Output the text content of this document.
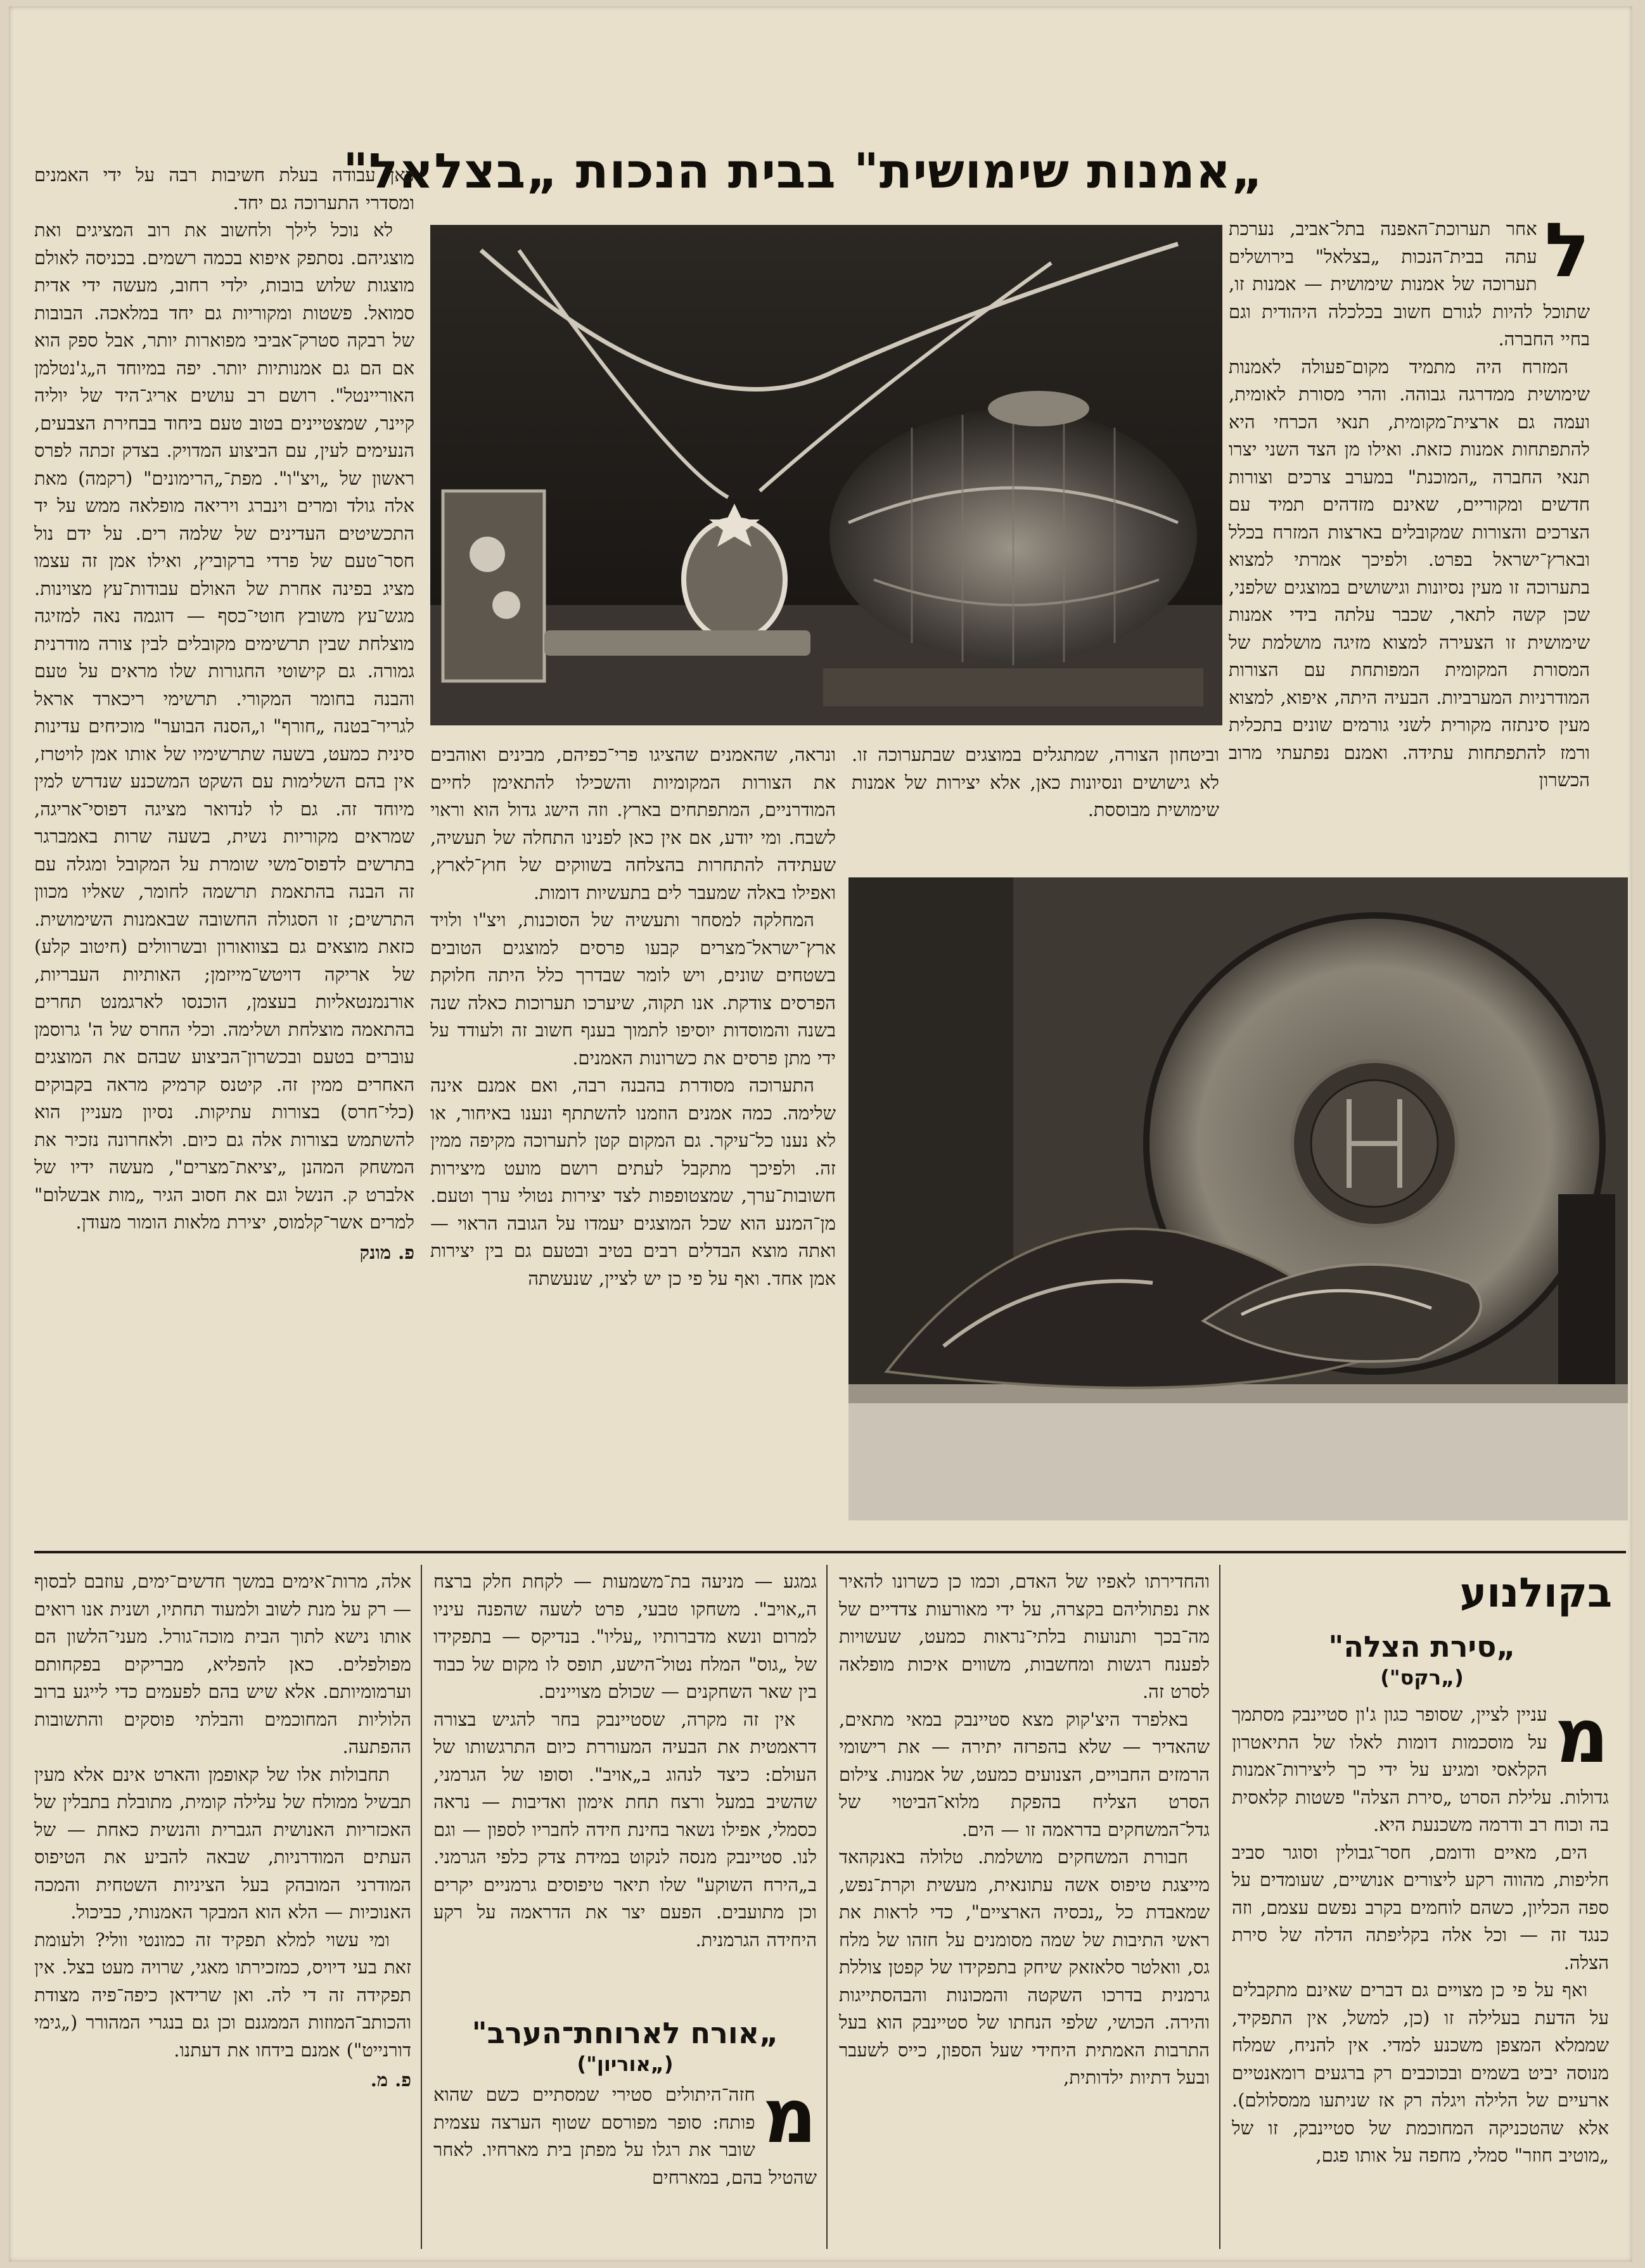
„אמנות שימושית" בבית הנכות „בצלאל"
ל

אחר תערוכת־האפנה בתל־אביב, נערכת עתה בבית־הנכות „בצלאל" בירושלים תערוכה של אמנות שימושית — אמנות זו, שתוכל להיות לגורם חשוב בכלכלה היהודית וגם בחיי החברה.

המזרח היה מתמיד מקום־פעולה לאמנות שימושית ממדרגה גבוהה. והרי מסורת לאומית, ועמה גם ארצית־מקומית, תנאי הכרחי היא להתפתחות אמנות כזאת. ואילו מן הצד השני יצרו תנאי החברה „המוכנת" במערב צרכים וצורות חדשים ומקוריים, שאינם מזדהים תמיד עם הצרכים והצורות שמקובלים בארצות המזרח בכלל ובארץ־ישראל בפרט. ולפיכך אמרתי למצוא בתערוכה זו מעין נסיונות וגישושים במוצגים שלפני, שכן קשה לתאר, שכבר עלתה בידי אמנות שימושית זו הצעירה למצוא מזיגה מושלמת של המסורת המקומית המפותחת עם הצורות המודרניות המערביות. הבעיה היתה, איפוא, למצוא מעין סינתזה מקורית לשני גורמים שונים בתכלית ורמז להתפתחות עתידה. ואמנם נפתעתי מרוב הכשרון

וביטחון הצורה, שמתגלים במוצגים שבתערוכה זו. לא גישושים ונסיונות כאן, אלא יצירות של אמנות שימושית מבוססת.

ונראה, שהאמנים שהציגו פרי־כפיהם, מבינים ואוהבים את הצורות המקומיות והשכילו להתאימן לחיים המודרניים, המתפתחים בארץ. וזה הישג גדול הוא וראוי לשבח. ומי יודע, אם אין כאן לפנינו התחלה של תעשיה, שעתידה להתחרות בהצלחה בשווקים של חוץ־לארץ, ואפילו באלה שמעבר לים בתעשיות דומות.

המחלקה למסחר ותעשיה של הסוכנות, ויצ"ו ולויד ארץ־ישראל־מצרים קבעו פרסים למוצגים הטובים בשטחים שונים, ויש לומר שבדרך כלל היתה חלוקת הפרסים צודקת. אנו תקוה, שיערכו תערוכות כאלה שנה בשנה והמוסדות יוסיפו לתמוך בענף חשוב זה ולעודד על ידי מתן פרסים את כשרונות האמנים.

התערוכה מסודרת בהבנה רבה, ואם אמנם אינה שלימה. כמה אמנים הוזמנו להשתתף ונענו באיחור, או לא נענו כל־עיקר. גם המקום קטן לתערוכה מקיפה ממין זה. ולפיכך מתקבל לעתים רושם מועט מיצירות חשובות־ערך, שמצטופפות לצד יצירות נטולי ערך וטעם. מן־המנע הוא שכל המוצגים יעמדו על הגובה הראוי — ואתה מוצא הבדלים רבים בטיב ובטעם גם בין יצירות אמן אחד. ואף על פי כן יש לציין, שנעשתה

כאן עבודה בעלת חשיבות רבה על ידי האמנים ומסדרי התערוכה גם יחד.

לא נוכל לילך ולחשוב את רוב המציגים ואת מוצגיהם. נסתפק איפוא בכמה רשמים. בכניסה לאולם מוצגות שלוש בובות, ילדי רחוב, מעשה ידי אדית סמואל. פשטות ומקוריות גם יחד במלאכה. הבובות של רבקה סטרק־אביבי מפוארות יותר, אבל ספק הוא אם הם גם אמנותיות יותר. יפה במיוחד ה„ג'נטלמן האוריינטל". רושם רב עושים אריג־היד של יוליה קיינר, שמצטיינים בטוב טעם ביחוד בבחירת הצבעים, הנעימים לעין, עם הביצוע המדויק. בצדק זכתה לפרס ראשון של „ויצ"ו". מפת־„הרימונים" (רקמה) מאת אלה גולד ומרים וינברג ויריאה מופלאה ממש על יד התכשיטים העדינים של שלמה רים. על ידם נול חסר־טעם של פרדי ברקוביץ, ואילו אמן זה עצמו מציג בפינה אחרת של האולם עבודות־עץ מצוינות. מגש־עץ משובץ חוטי־כסף — דוגמה נאה למזיגה מוצלחת שבין תרשימים מקובלים לבין צורה מודרנית גמורה. גם קישוטי החגורות שלו מראים על טעם והבנה בחומר המקורי. תרשימי ריכארד אראל לגריר־בטנה „חורף" ו„הסנה הבוער" מוכיחים עדינות סינית כמעט, בשעה שתרשימיו של אותו אמן לויטרז, אין בהם השלימות עם השקט המשכנע שנדרש למין מיוחד זה. גם לו לנדואר מציגה דפוסי־אריגה, שמראים מקוריות נשית, בשעה שרות באמברגר בתרשים לדפוס־משי שומרת על המקובל ומגלה עם זה הבנה בהתאמת תרשמה לחומר, שאליו מכוון התרשים; זו הסגולה החשובה שבאמנות השימושית. כזאת מוצאים גם בצוואורון ובשרוולים (חיטוב קלע) של אריקה דויטש־מייזמן; האותיות העבריות, אורנמנטאליות בעצמן, הוכנסו לארגמנט תחרים בהתאמה מוצלחת ושלימה. וכלי החרס של ה' גרוסמן עוברים בטעם ובכשרון־הביצוע שבהם את המוצגים האחרים ממין זה. קיטנס קרמיק מראה בקבוקים (כלי־חרס) בצורות עתיקות. נסיון מעניין הוא להשתמש בצורות אלה גם כיום. ולאחרונה נזכיר את המשחק המהנן „יציאת־מצרים", מעשה ידיו של אלברט ק. הנשל וגם את חסוב הגיר „מות אבשלום" למרים אשר־קלמוס, יצירת מלאות הומור מעודן.

פ. מונק
בקולנוע
„סירת הצלה"
(„רקס")
מ

עניין לציין, שסופר כגון ג'ון סטיינבק מסתמך על מוסכמות דומות לאלו של התיאטרון הקלאסי ומגיע על ידי כך ליצירות־אמנות גדולות. עלילת הסרט „סירת הצלה" פשטות קלאסית בה וכוח רב ודרמה משכנעת היא.

הים, מאיים ודומם, חסר־גבולין וסוגר סביב חליפות, מהווה רקע ליצורים אנושיים, שעומדים על ספה הכליון, כשהם לוחמים בקרב נפשם עצמם, וזה כנגד זה — וכל אלה בקליפתה הדלה של סירת הצלה.

ואף על פי כן מצויים גם דברים שאינם מתקבלים על הדעת בעלילה זו (כן, למשל, אין התפקיד, שממלא המצפן משכנע למדי. אין להניח, שמלח מנוסה יביט בשמים ובכוכבים רק ברגעים רומאנטיים ארעיים של הלילה ויגלה רק אז שניתעו ממסלולם). אלא שהטכניקה המחוכמת של סטיינבק, זו של „מוטיב חוזר" סמלי, מחפה על אותו פגם,

והחדירתו לאפיו של האדם, וכמו כן כשרונו להאיר את נפתוליהם בקצרה, על ידי מאורעות צדדיים של מה־בכך ותנועות בלתי־נראות כמעט, שעשויות לפענח רגשות ומחשבות, משווים איכות מופלאה לסרט זה.

באלפרד היצ'קוק מצא סטיינבק במאי מתאים, שהאדיר — שלא בהפרזה יתירה — את רישומי הרמזים החבויים, הצנועים כמעט, של אמנות. צילום הסרט הצליח בהפקת מלוא־הביטוי של גדל־המשחקים בדראמה זו — הים.

חבורת המשחקים מושלמת. טלולה באנקהאד מייצגת טיפוס אשה עתונאית, מעשית וקרת־נפש, שמאבדת כל „נכסיה הארציים", כדי לראות את ראשי התיבות של שמה מסומנים על חזהו של מלח גס, וואלטר סלאזאק שיחק בתפקידו של קפטן צוללת גרמנית בדרכו השקטה והמכונות והבהסתייגות והירה. הכושי, שלפי הנחתו של סטיינבק הוא בעל התרבות האמתית היחידי שעל הספון, כייס לשעבר ובעל דתיות ילדותית,

גמגע — מניעה בת־משמעות — לקחת חלק ברצח ה„אויב". משחקו טבעי, פרט לשעה שהפנה עיניו למרום ונשא מדברותיו „עליו". בנדיקס — בתפקידו של „גוס" המלח נטול־הישע, תופס לו מקום של כבוד בין שאר השחקנים — שכולם מצויינים.

אין זה מקרה, שסטיינבק בחר להגיש בצורה דראמטית את הבעיה המעוררת כיום התרגשותו של העולם: כיצד לנהוג ב„אויב". וסופו של הגרמני, שהשיב במעל ורצח תחת אימון ואדיבות — נראה כסמלי, אפילו נשאר בחינת חידה לחבריו לספון — וגם לנו. סטיינבק מנסה לנקוט במידת צדק כלפי הגרמני. ב„הירח השוקע" שלו תיאר טיפוסים גרמניים יקרים וכן מתועבים. הפעם יצר את הדראמה על רקע היחידה הגרמנית.

„אורח לארוחת־הערב"
(„אוריון")
מ

חזה־היתולים סטירי שמסתיים כשם שהוא פותח: סופר מפורסם שטוף הערצה עצמית שובר את רגלו על מפתן בית מארחיו. לאחר שהטיל בהם, במארחים

אלה, מרות־אימים במשך חדשים־ימים, עוזבם לבסוף — רק על מנת לשוב ולמעוד תחתיו, ושנית אנו רואים אותו נישא לתוך הבית מוכה־גורל. מעני־הלשון הם מפולפלים. כאן להפליא, מבריקים בפקחותם וערמומיותם. אלא שיש בהם לפעמים כדי לייגע ברוב הלוליות המחוכמים והבלתי פוסקים והתשובות ההפתעה.

תחבולות אלו של קאופמן והארט אינם אלא מעין תבשיל ממולח של עלילה קומית, מתובלת בתבלין של האכזריות האנושית הגברית והנשית כאחת — של העתים המודרניות, שבאה להביע את הטיפוס המודרני המובהק בעל הציניות השטחית והמכה האנוכיות — הלא הוא המבקר האמנותי, כביכול.

ומי עשוי למלא תפקיד זה כמונטי וולי? ולעומת זאת בעי דיויס, כמזכירתו מאגי, שרויה מעט בצל. אין תפקידה זה די לה. ואן שרידאן כיפה־פיה מצודת והכותב־המוזות הממגנם וכן גם בנגרי המהורר („גימי דורנייט") אמנם בידחו את דעתנו.

פ. מ.
